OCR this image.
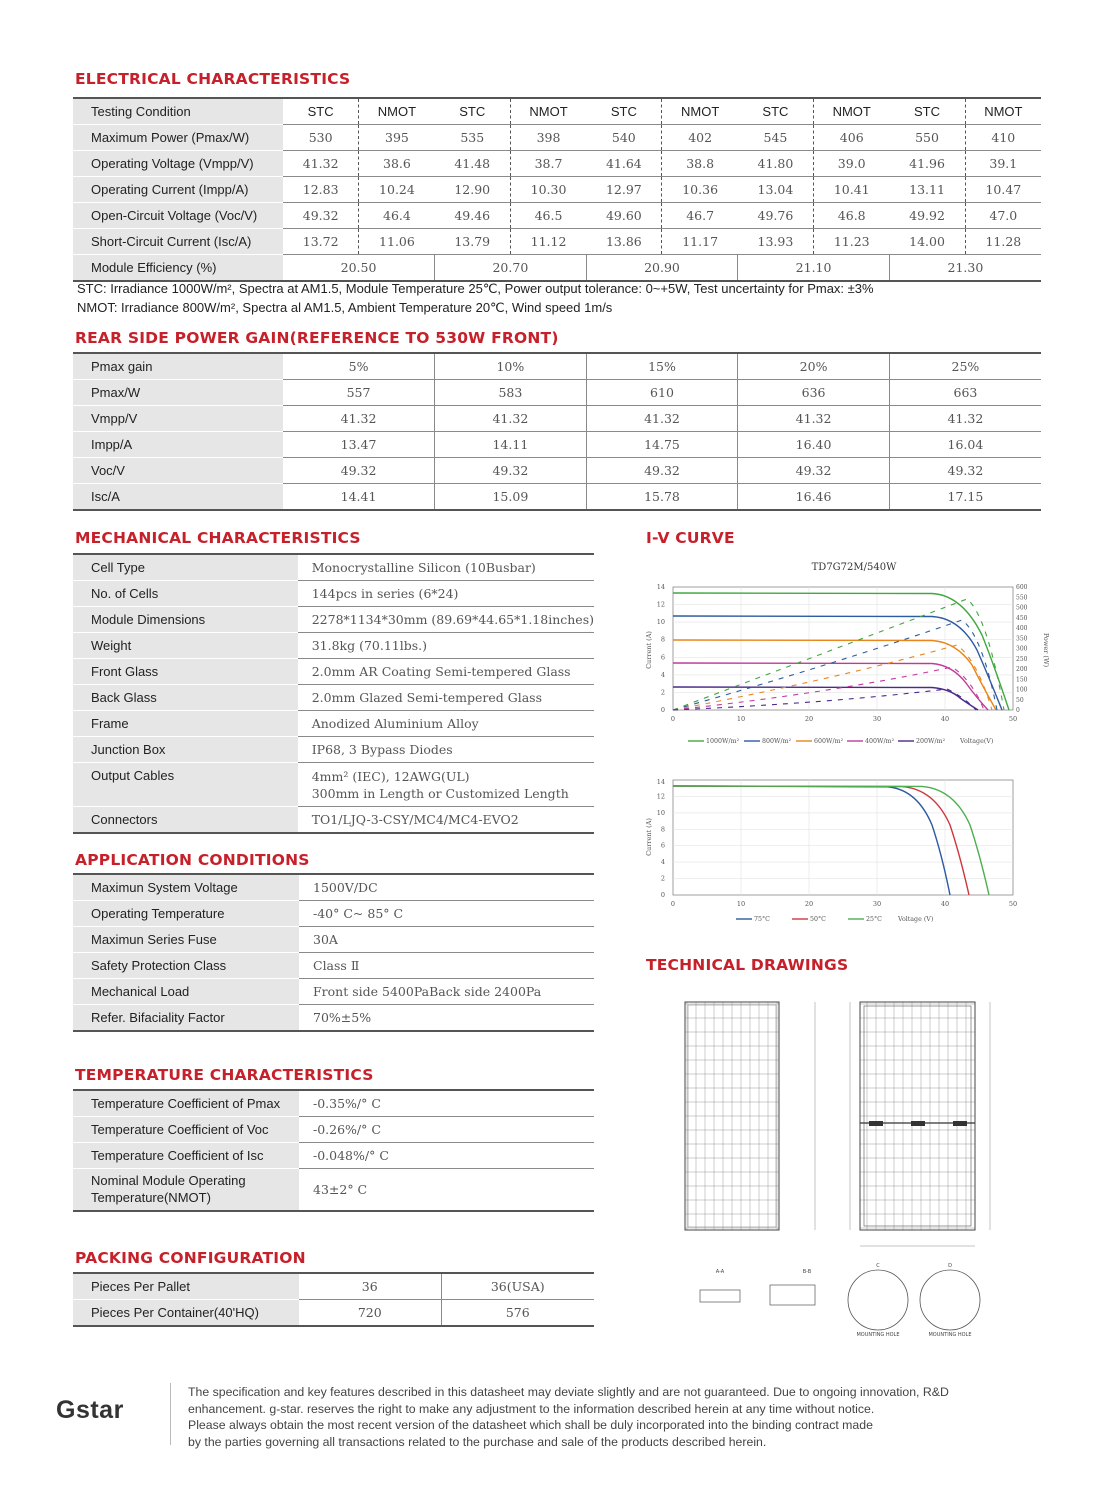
ELECTRICAL CHARACTERISTICS
Testing Condition	STC	NMOT	STC	NMOT	STC	NMOT	STC	NMOT	STC	NMOT
Maximum Power (Pmax/W)	530	395	535	398	540	402	545	406	550	410
Operating Voltage (Vmpp/V)	41.32	38.6	41.48	38.7	41.64	38.8	41.80	39.0	41.96	39.1
Operating Current (Impp/A)	12.83	10.24	12.90	10.30	12.97	10.36	13.04	10.41	13.11	10.47
Open-Circuit Voltage (Voc/V)	49.32	46.4	49.46	46.5	49.60	46.7	49.76	46.8	49.92	47.0
Short-Circuit Current (Isc/A)	13.72	11.06	13.79	11.12	13.86	11.17	13.93	11.23	14.00	11.28
Module Efficiency (%)	20.50		20.70		20.90		21.10		21.30	
STC: Irradiance 1000W/m², Spectra at AM1.5, Module Temperature 25℃, Power output tolerance: 0~+5W, Test uncertainty for Pmax: ±3%
NMOT: Irradiance 800W/m², Spectra al AM1.5, Ambient Temperature 20℃, Wind speed 1m/s
REAR SIDE POWER GAIN(REFERENCE TO 530W FRONT)
Pmax gain	5%	10%	15%	20%	25%
Pmax/W	557	583	610	636	663
Vmpp/V	41.32	41.32	41.32	41.32	41.32
Impp/A	13.47	14.11	14.75	16.40	16.04
Voc/V	49.32	49.32	49.32	49.32	49.32
Isc/A	14.41	15.09	15.78	16.46	17.15
MECHANICAL CHARACTERISTICS
Cell Type	Monocrystalline Silicon (10Busbar)
No. of Cells	144pcs in series (6*24)
Module Dimensions	2278*1134*30mm (89.69*44.65*1.18inches)
Weight	31.8kg (70.11lbs.)
Front Glass	2.0mm AR Coating Semi-tempered Glass
Back Glass	2.0mm Glazed Semi-tempered Glass
Frame	Anodized Aluminium Alloy
Junction Box	IP68, 3 Bypass Diodes
Output Cables	4mm² (IEC), 12AWG(UL)
300mm in Length or Customized Length

Connectors	TO1/LJQ-3-CSY/MC4/MC4-EVO2
APPLICATION CONDITIONS
Maximun System Voltage	1500V/DC
Operating Temperature	-40° C~ 85° C
Maximun Series Fuse	30A
Safety Protection Class	Class Ⅱ
Mechanical Load	Front side 5400PaBack side 2400Pa
Refer. Bifaciality Factor	70%±5%
TEMPERATURE CHARACTERISTICS
Temperature Coefficient of Pmax	-0.35%/° C
Temperature Coefficient of Voc	-0.26%/° C
Temperature Coefficient of Isc	-0.048%/° C

Nominal Module Operating
Temperature(NMOT)	43±2° C
PACKING CONFIGURATION
Pieces Per Pallet	36	36(USA)
Pieces Per Container(40'HQ)	720	576
I-V CURVE
TD7G72M/540W
0
2
4
6
8
10
12
14
0
50
100
150
200
250
300
350
400
450
500
550
600
0	10	20	30	40	50
Current (A)	Power (W)
1000W/m²	800W/m²	600W/m²	400W/m²	200W/m² Voltage(V)
0
2
4
6
8
10
12
14
0	10	20	30	40	50
Current (A)
75°C	50°C	25°C	Voltage (V)
TECHNICAL DRAWINGS
A-A	B-B
C	D
MOUNTING HOLE	MOUNTING HOLE
Gstar
The specification and key features described in this datasheet may deviate slightly and are not guaranteed. Due to ongoing innovation, R&D
enhancement. g-star. reserves the right to make any adjustment to the information described herein at any time without notice.
Please always obtain the most recent version of the datasheet which shall be duly incorporated into the binding contract made
by the parties governing all transactions related to the purchase and sale of the products described herein.
